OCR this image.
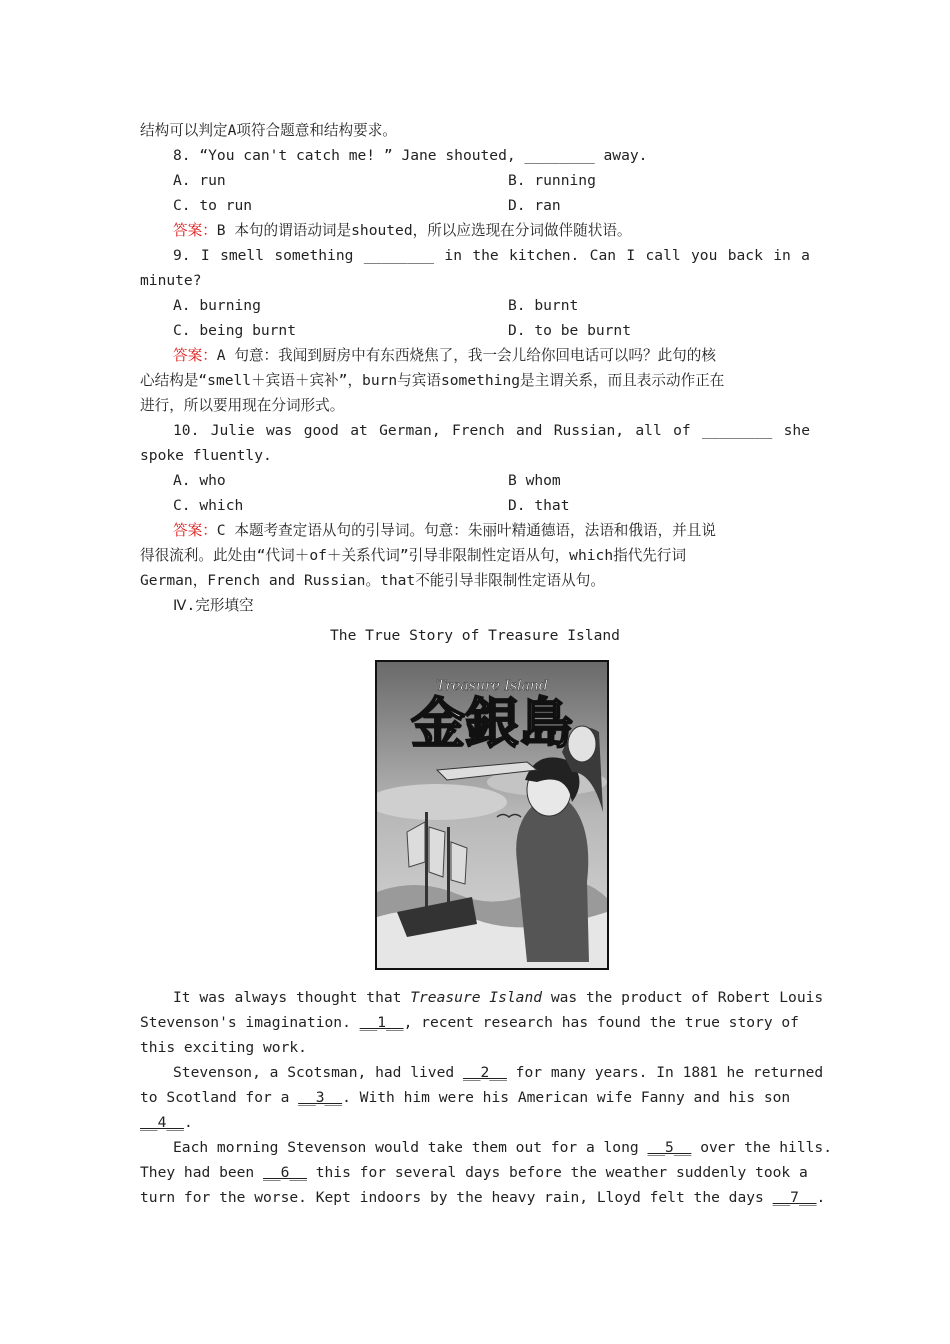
结构可以判定A项符合题意和结构要求。
8. “You can't catch me! ” Jane shouted, ________ away.
A. run	B. running
C. to run	D. ran
答案：B 本句的谓语动词是shouted，所以应选现在分词做伴随状语。
9. I smell something ________ in the kitchen. Can I call you back in a
minute?
A. burning	B. burnt
C. being burnt	D. to be burnt
答案：A 句意：我闻到厨房中有东西烧焦了，我一会儿给你回电话可以吗？此句的核
心结构是“smell＋宾语＋宾补”，burn与宾语something是主谓关系，而且表示动作正在
进行，所以要用现在分词形式。
10. Julie was good at German, French and Russian, all of ________ she
spoke fluently.
A. who	B whom
C. which	D. that
答案：C 本题考查定语从句的引导词。句意：朱丽叶精通德语，法语和俄语，并且说
得很流利。此处由“代词＋of＋关系代词”引导非限制性定语从句，which指代先行词
German，French and Russian。that不能引导非限制性定语从句。
Ⅳ.完形填空
The True Story of Treasure Island
Treasure Island
金銀島
It was always thought that Treasure Island was the product of Robert Louis
Stevenson's imagination. __1__, recent research has found the true story of
this exciting work.
Stevenson, a Scotsman, had lived __2__ for many years. In 1881 he returned
to Scotland for a __3__. With him were his American wife Fanny and his son
__4__.
Each morning Stevenson would take them out for a long __5__ over the hills.
They had been __6__ this for several days before the weather suddenly took a
turn for the worse. Kept indoors by the heavy rain, Lloyd felt the days __7__.
